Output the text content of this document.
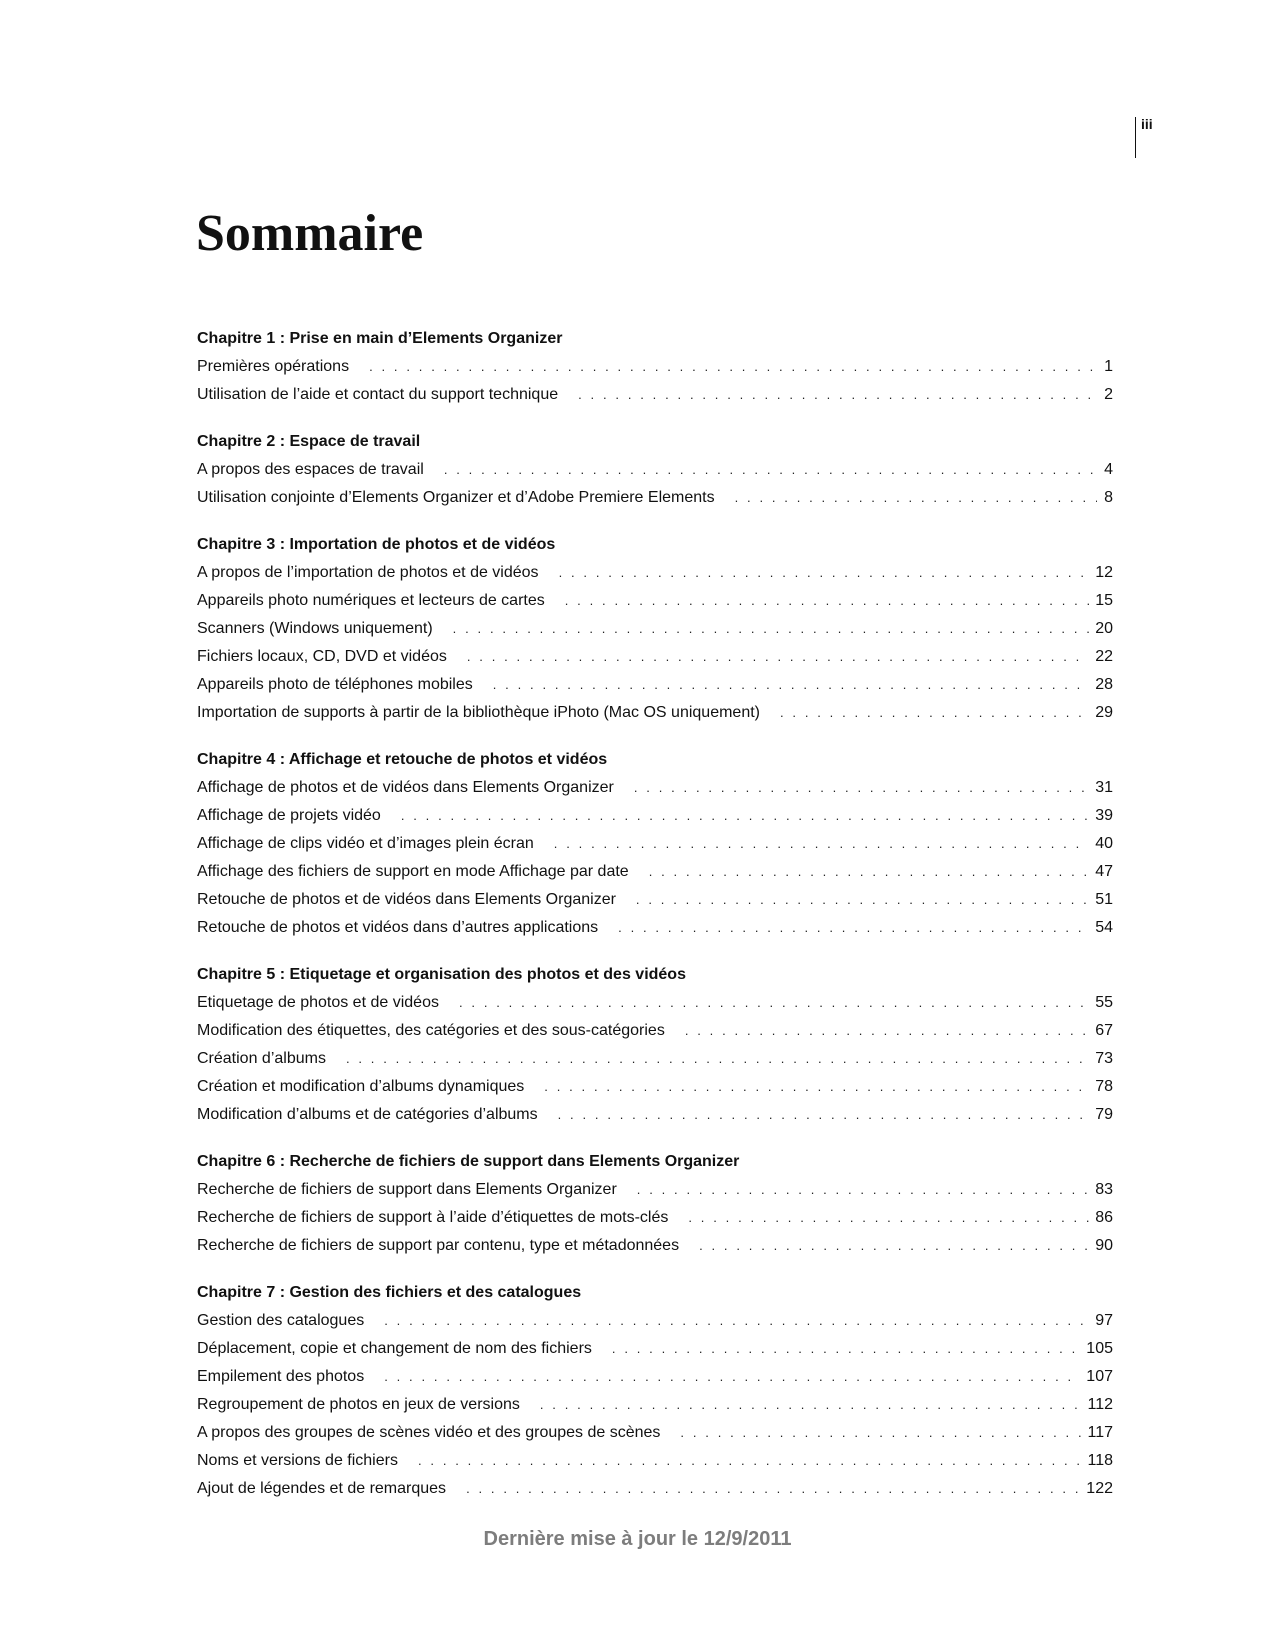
iii
Sommaire
Chapitre 1 : Prise en main d’Elements Organizer
Premières opérations . . .	1
Utilisation de l’aide et contact du support technique . . .	2
Chapitre 2 : Espace de travail
A propos des espaces de travail . . .	4
Utilisation conjointe d’Elements Organizer et d’Adobe Premiere Elements . . .	8
Chapitre 3 : Importation de photos et de vidéos
A propos de l’importation de photos et de vidéos . . .	12
Appareils photo numériques et lecteurs de cartes . . .	15
Scanners (Windows uniquement) . . .	20
Fichiers locaux, CD, DVD et vidéos . . .	22
Appareils photo de téléphones mobiles . . .	28
Importation de supports à partir de la bibliothèque iPhoto (Mac OS uniquement) . . .	29
Chapitre 4 : Affichage et retouche de photos et vidéos
Affichage de photos et de vidéos dans Elements Organizer . . .	31
Affichage de projets vidéo . . .	39
Affichage de clips vidéo et d’images plein écran . . .	40
Affichage des fichiers de support en mode Affichage par date . . .	47
Retouche de photos et de vidéos dans Elements Organizer . . .	51
Retouche de photos et vidéos dans d’autres applications . . .	54
Chapitre 5 : Etiquetage et organisation des photos et des vidéos
Etiquetage de photos et de vidéos . . .	55
Modification des étiquettes, des catégories et des sous-catégories . . .	67
Création d’albums . . .	73
Création et modification d’albums dynamiques . . .	78
Modification d’albums et de catégories d’albums . . .	79
Chapitre 6 : Recherche de fichiers de support dans Elements Organizer
Recherche de fichiers de support dans Elements Organizer . . .	83
Recherche de fichiers de support à l’aide d’étiquettes de mots-clés . . .	86
Recherche de fichiers de support par contenu, type et métadonnées . . .	90
Chapitre 7 : Gestion des fichiers et des catalogues
Gestion des catalogues . . .	97
Déplacement, copie et changement de nom des fichiers . . .	105
Empilement des photos . . .	107
Regroupement de photos en jeux de versions . . .	112
A propos des groupes de scènes vidéo et des groupes de scènes . . .	117
Noms et versions de fichiers . . .	118
Ajout de légendes et de remarques . . .	122
Dernière mise à jour le 12/9/2011
